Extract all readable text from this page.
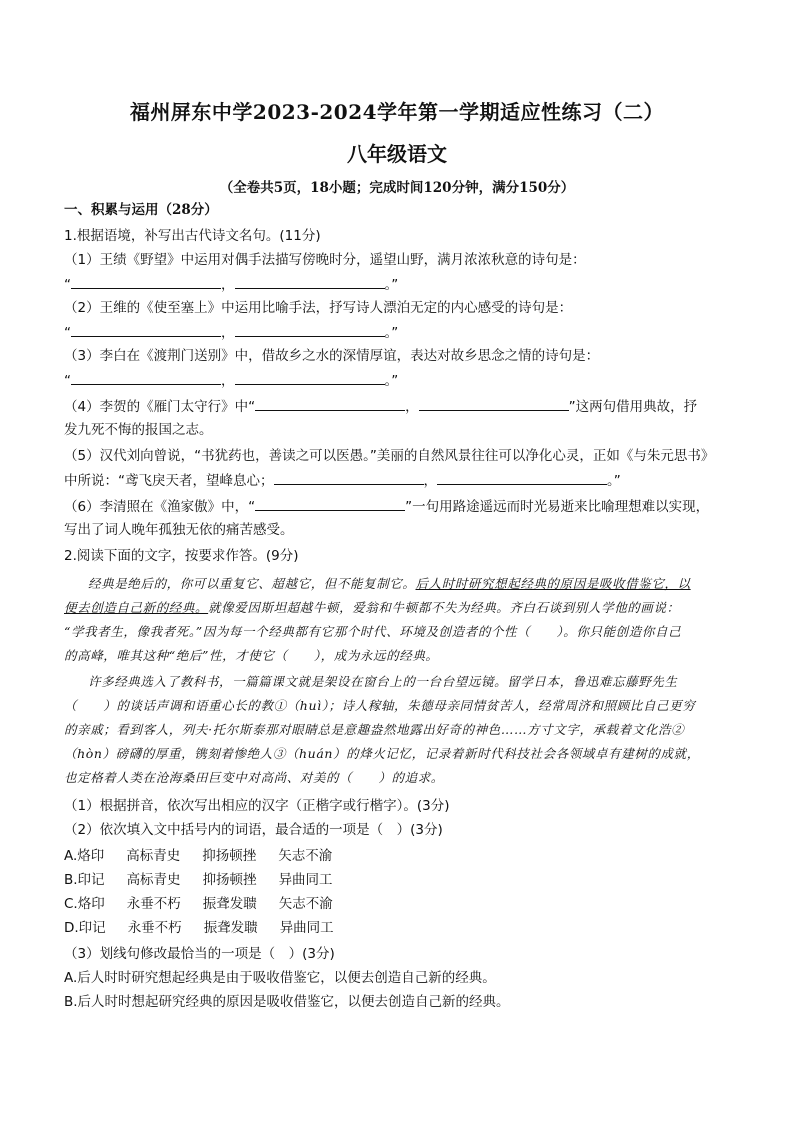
福州屏东中学2023-2024学年第一学期适应性练习（二）
八年级语文
（全卷共5页，18小题；完成时间120分钟，满分150分）
一、积累与运用（28分）
1.根据语境，补写出古代诗文名句。(11分)
（1）王绩《野望》中运用对偶手法描写傍晚时分，遥望山野，满月浓浓秋意的诗句是：
“	，	。”
（2）王维的《使至塞上》中运用比喻手法，抒写诗人漂泊无定的内心感受的诗句是：
“	，	。”
（3）李白在《渡荆门送别》中，借故乡之水的深情厚谊，表达对故乡思念之情的诗句是：
“	，	。”
（4）李贺的《雁门太守行》中“	，	”这两句借用典故，抒
发九死不悔的报国之志。
（5）汉代刘向曾说，“书犹药也，善读之可以医愚。”美丽的自然风景往往可以净化心灵，正如《与朱元思书》
中所说：“鸢飞戾天者，望峰息心；	，	。”
（6）李清照在《渔家傲》中，“	”一句用路途遥远而时光易逝来比喻理想难以实现，
写出了词人晚年孤独无依的痛苦感受。
2.阅读下面的文字，按要求作答。(9分)
经典是绝后的，你可以重复它、超越它，但不能复制它。后人时时研究想起经典的原因是吸收借鉴它，以
便去创造自己新的经典。就像爱因斯坦超越牛顿，爱翁和牛顿都不失为经典。齐白石谈到别人学他的画说：
“学我者生，像我者死。”因为每一个经典都有它那个时代、环境及创造者的个性（　　）。你只能创造你自己
的高峰，唯其这种“绝后”性，才使它（　　），成为永远的经典。
许多经典选入了教科书，一篇篇课文就是架设在窗台上的一台台望远镜。留学日本，鲁迅难忘藤野先生
（　　）的谈话声调和语重心长的教①（huì）；诗人稼轴，朱德母亲同情贫苦人，经常周济和照顾比自己更穷
的亲戚；看到客人，列夫·托尔斯泰那对眼睛总是意趣盎然地露出好奇的神色……方寸文字，承载着文化浩②
（hòn）磅礴的厚重，镌刻着惨绝人③（huán）的烽火记忆，记录着新时代科技社会各领域卓有建树的成就，
也定格着人类在沧海桑田巨变中对高尚、对美的（　　）的追求。
（1）根据拼音，依次写出相应的汉字（正楷字或行楷字）。(3分)
（2）依次填入文中括号内的词语，最合适的一项是（　）(3分)
A.烙印 高标青史 抑扬顿挫 矢志不渝
B.印记 高标青史 抑扬顿挫 异曲同工
C.烙印 永垂不朽 振聋发聩 矢志不渝
D.印记 永垂不朽 振聋发聩 异曲同工
（3）划线句修改最恰当的一项是（　）(3分)
A.后人时时研究想起经典是由于吸收借鉴它，以便去创造自己新的经典。
B.后人时时想起研究经典的原因是吸收借鉴它，以便去创造自己新的经典。
